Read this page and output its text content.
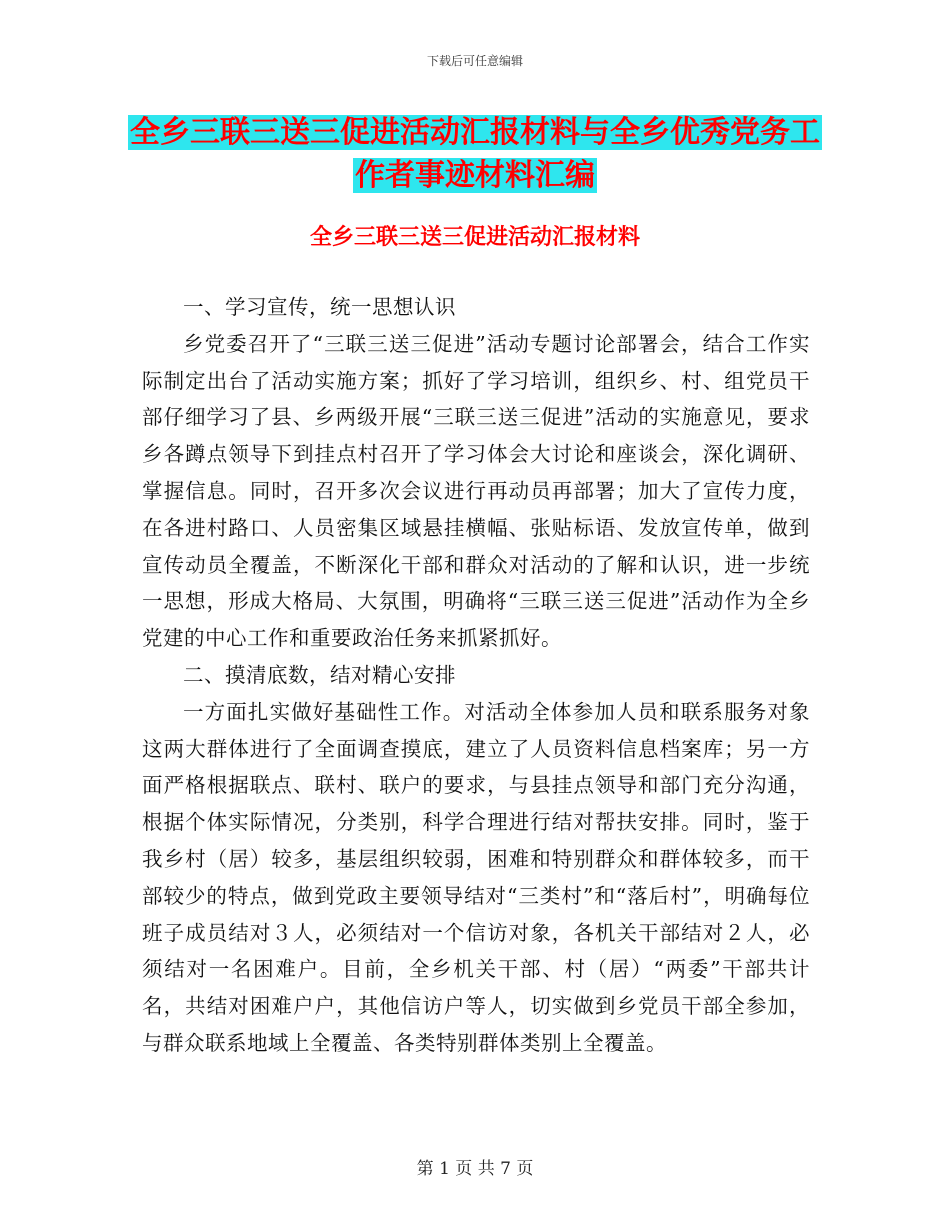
下载后可任意编辑
全乡三联三送三促进活动汇报材料与全乡优秀党务工
作者事迹材料汇编
全乡三联三送三促进活动汇报材料

一、学习宣传，统一思想认识

乡党委召开了“三联三送三促进”活动专题讨论部署会，结合工作实际制定出台了活动实施方案；抓好了学习培训，组织乡、村、组党员干部仔细学习了县、乡两级开展“三联三送三促进”活动的实施意见，要求乡各蹲点领导下到挂点村召开了学习体会大讨论和座谈会，深化调研、掌握信息。同时，召开多次会议进行再动员再部署；加大了宣传力度，在各进村路口、人员密集区域悬挂横幅、张贴标语、发放宣传单，做到宣传动员全覆盖，不断深化干部和群众对活动的了解和认识，进一步统一思想，形成大格局、大氛围，明确将“三联三送三促进”活动作为全乡党建的中心工作和重要政治任务来抓紧抓好。

二、摸清底数，结对精心安排

一方面扎实做好基础性工作。对活动全体参加人员和联系服务对象这两大群体进行了全面调查摸底，建立了人员资料信息档案库；另一方面严格根据联点、联村、联户的要求，与县挂点领导和部门充分沟通，根据个体实际情况，分类别，科学合理进行结对帮扶安排。同时，鉴于我乡村（居）较多，基层组织较弱，困难和特别群众和群体较多，而干部较少的特点，做到党政主要领导结对“三类村”和“落后村”，明确每位班子成员结对３人，必须结对一个信访对象，各机关干部结对２人，必须结对一名困难户。目前，全乡机关干部、村（居）“两委”干部共计名，共结对困难户户，其他信访户等人，切实做到乡党员干部全参加，与群众联系地域上全覆盖、各类特别群体类别上全覆盖。

第 1 页 共 7 页
